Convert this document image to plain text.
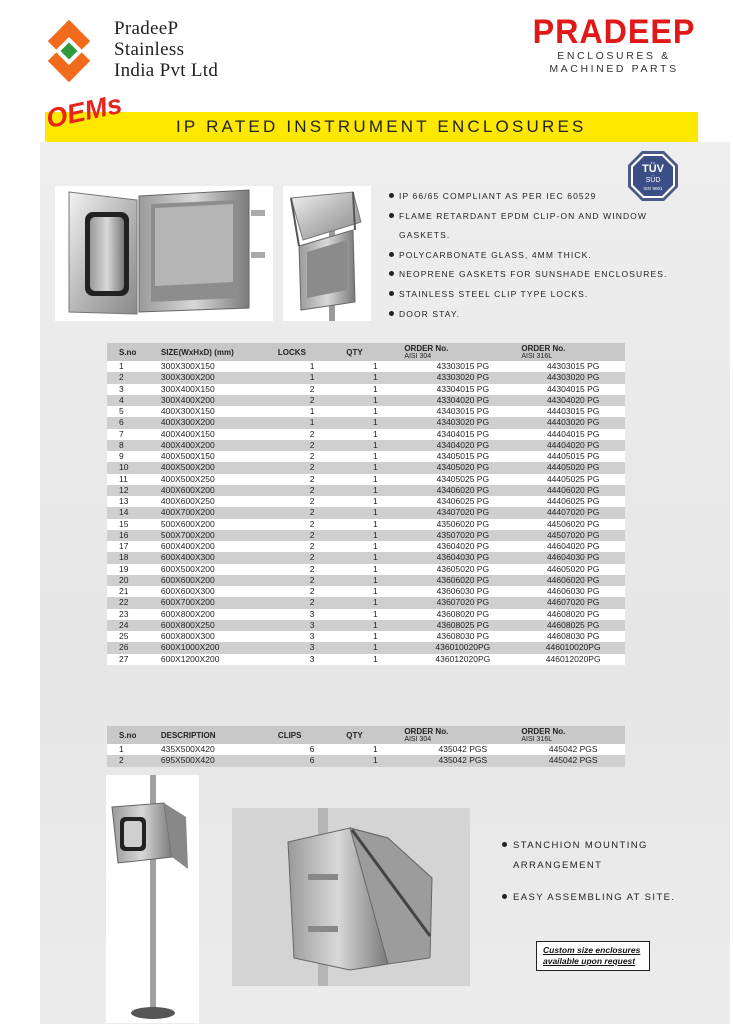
PradeeP
Stainless
India Pvt Ltd
PRADEEP
ENCLOSURES &
MACHINED PARTS
IP RATED INSTRUMENT ENCLOSURES
OEMs
TÜV
SÜD
ISO 9001
IP 66/65 COMPLIANT AS PER IEC 60529
FLAME RETARDANT EPDM CLIP-ON AND WINDOW
GASKETS.
POLYCARBONATE GLASS, 4MM THICK.
NEOPRENE GASKETS FOR SUNSHADE ENCLOSURES.
STAINLESS STEEL CLIP TYPE LOCKS.
DOOR STAY.
S.no	SIZE(WxHxD) (mm)	LOCKS	QTY	ORDER No.
AISI 304	ORDER No.
AISI 316L

1	300X300X150	1	1	43303015 PG	44303015 PG
2	300X300X200	1	1	43303020 PG	44303020 PG
3	300X400X150	2	1	43304015 PG	44304015 PG
4	300X400X200	2	1	43304020 PG	44304020 PG
5	400X300X150	1	1	43403015 PG	44403015 PG
6	400X300X200	1	1	43403020 PG	44403020 PG
7	400X400X150	2	1	43404015 PG	44404015 PG
8	400X400X200	2	1	43404020 PG	44404020 PG
9	400X500X150	2	1	43405015 PG	44405015 PG
10	400X500X200	2	1	43405020 PG	44405020 PG
11	400X500X250	2	1	43405025 PG	44405025 PG
12	400X600X200	2	1	43406020 PG	44406020 PG
13	400X600X250	2	1	43406025 PG	44406025 PG
14	400X700X200	2	1	43407020 PG	44407020 PG
15	500X600X200	2	1	43506020 PG	44506020 PG
16	500X700X200	2	1	43507020 PG	44507020 PG
17	600X400X200	2	1	43604020 PG	44604020 PG
18	600X400X300	2	1	43604030 PG	44604030 PG
19	600X500X200	2	1	43605020 PG	44605020 PG
20	600X600X200	2	1	43606020 PG	44606020 PG
21	600X600X300	2	1	43606030 PG	44606030 PG
22	600X700X200	2	1	43607020 PG	44607020 PG
23	600X800X200	3	1	43608020 PG	44608020 PG
24	600X800X250	3	1	43608025 PG	44608025 PG
25	600X800X300	3	1	43608030 PG	44608030 PG
26	600X1000X200	3	1	436010020PG	446010020PG
27	600X1200X200	3	1	436012020PG	446012020PG
S.no	DESCRIPTION	CLIPS	QTY	ORDER No.
AISI 304	ORDER No.
AISI 316L

1	435X500X420	6	1	435042 PGS	445042 PGS
2	695X500X420	6	1	435042 PGS	445042 PGS
STANCHION MOUNTING
ARRANGEMENT
EASY ASSEMBLING AT SITE.
Custom size enclosures
available upon request
